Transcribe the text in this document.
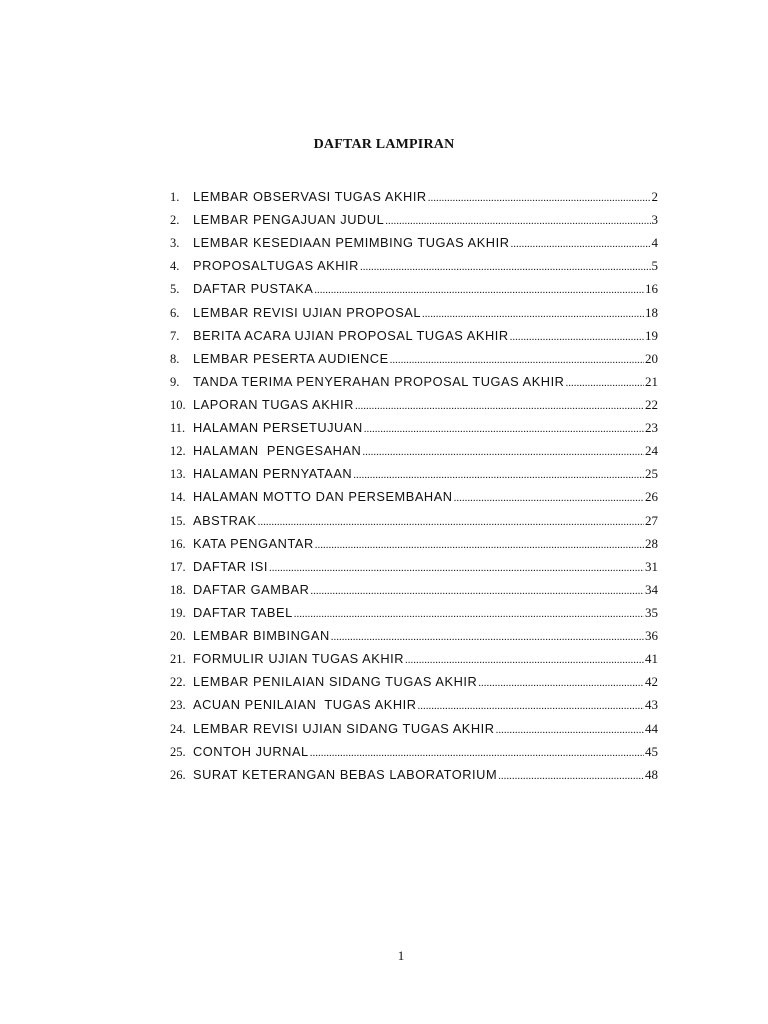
DAFTAR LAMPIRAN
1.	LEMBAR OBSERVASI TUGAS AKHIR .....	2
2.	LEMBAR PENGAJUAN JUDUL .....	3
3.	LEMBAR KESEDIAAN PEMIMBING TUGAS AKHIR .....	4
4.	PROPOSALTUGAS AKHIR .....	5
5.	DAFTAR PUSTAKA .....	16
6.	LEMBAR REVISI UJIAN PROPOSAL .....	18
7.	BERITA ACARA UJIAN PROPOSAL TUGAS AKHIR .....	19
8.	LEMBAR PESERTA AUDIENCE .....	20
9.	TANDA TERIMA PENYERAHAN PROPOSAL TUGAS AKHIR .....	21
10. LAPORAN TUGAS AKHIR .....	22
11. HALAMAN PERSETUJUAN .....	23
12. HALAMAN  PENGESAHAN .....	24
13. HALAMAN PERNYATAAN .....	25
14. HALAMAN MOTTO DAN PERSEMBAHAN .....	26
15. ABSTRAK .....	27
16. KATA PENGANTAR .....	28
17. DAFTAR ISI .....	31
18. DAFTAR GAMBAR .....	34
19. DAFTAR TABEL .....	35
20. LEMBAR BIMBINGAN .....	36
21. FORMULIR UJIAN TUGAS AKHIR .....	41
22. LEMBAR PENILAIAN SIDANG TUGAS AKHIR .....	42
23. ACUAN PENILAIAN  TUGAS AKHIR .....	43
24. LEMBAR REVISI UJIAN SIDANG TUGAS AKHIR .....	44
25. CONTOH JURNAL .....	45
26. SURAT KETERANGAN BEBAS LABORATORIUM .....	48
1
